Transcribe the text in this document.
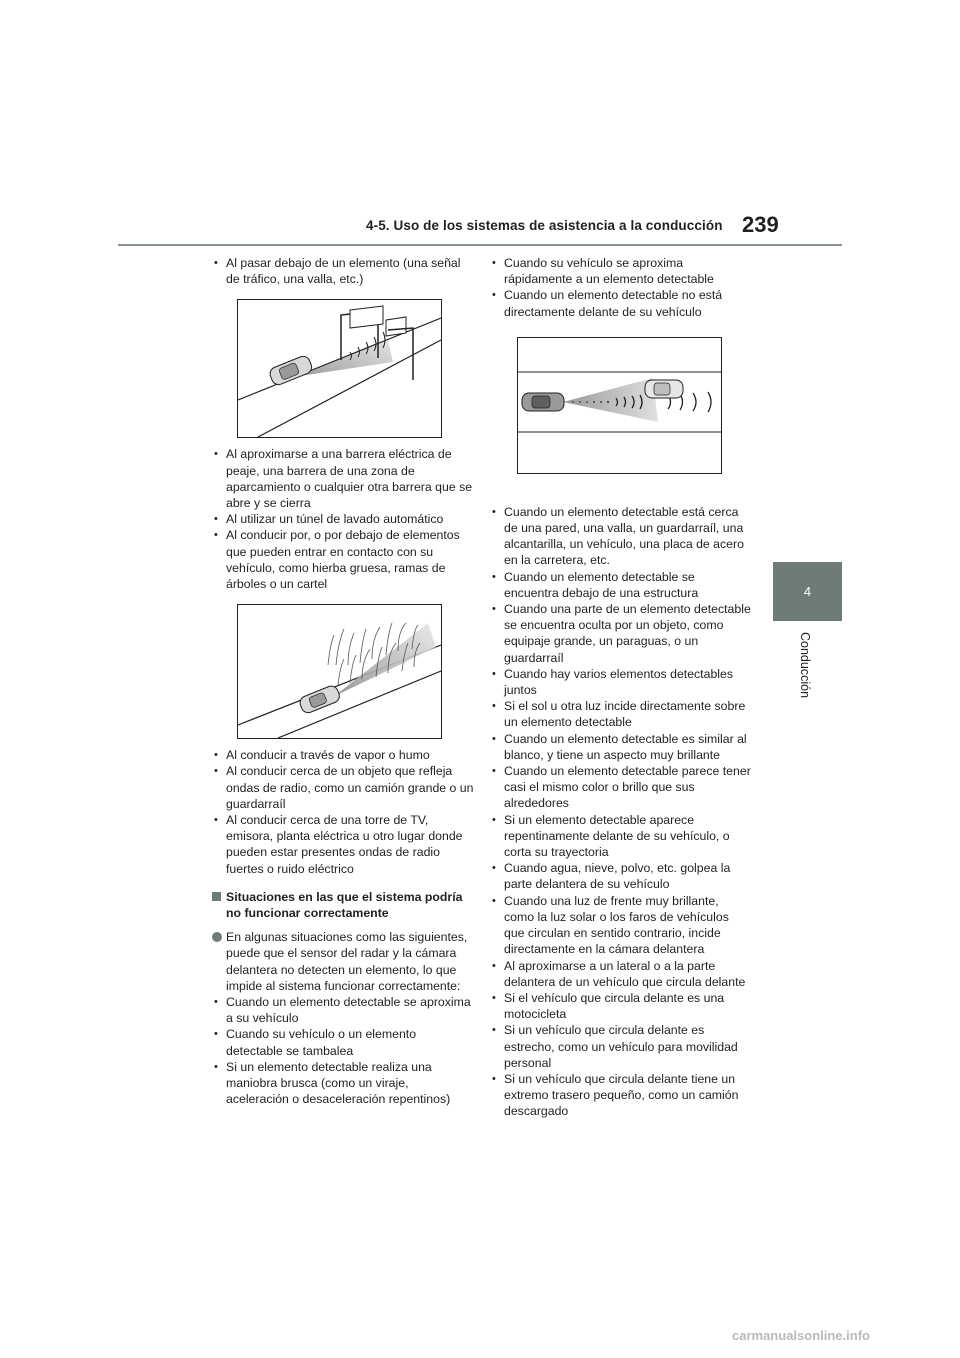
4-5. Uso de los sistemas de asistencia a la conducción 239
4
Conducción
• Al pasar debajo de un elemento (una señal de tráfico, una valla, etc.)
• Al aproximarse a una barrera eléctrica de peaje, una barrera de una zona de aparcamiento o cualquier otra barrera que se abre y se cierra
• Al utilizar un túnel de lavado automático
• Al conducir por, o por debajo de elementos que pueden entrar en contacto con su vehículo, como hierba gruesa, ramas de árboles o un cartel
• Al conducir a través de vapor o humo
• Al conducir cerca de un objeto que refleja ondas de radio, como un camión grande o un guardarraíl
• Al conducir cerca de una torre de TV, emisora, planta eléctrica u otro lugar donde pueden estar presentes ondas de radio fuertes o ruido eléctrico
Situaciones en las que el sistema podría no funcionar correctamente
En algunas situaciones como las siguientes, puede que el sensor del radar y la cámara delantera no detecten un elemento, lo que impide al sistema funcionar correctamente:
• Cuando un elemento detectable se aproxima a su vehículo
• Cuando su vehículo o un elemento detectable se tambalea
• Si un elemento detectable realiza una maniobra brusca (como un viraje, aceleración o desaceleración repentinos)
• Cuando su vehículo se aproxima rápidamente a un elemento detectable
• Cuando un elemento detectable no está directamente delante de su vehículo
• Cuando un elemento detectable está cerca de una pared, una valla, un guardarraíl, una alcantarilla, un vehículo, una placa de acero en la carretera, etc.
• Cuando un elemento detectable se encuentra debajo de una estructura
• Cuando una parte de un elemento detectable se encuentra oculta por un objeto, como equipaje grande, un paraguas, o un guardarraíl
• Cuando hay varios elementos detectables juntos
• Si el sol u otra luz incide directamente sobre un elemento detectable
• Cuando un elemento detectable es similar al blanco, y tiene un aspecto muy brillante
• Cuando un elemento detectable parece tener casi el mismo color o brillo que sus alrededores
• Si un elemento detectable aparece repentinamente delante de su vehículo, o corta su trayectoria
• Cuando agua, nieve, polvo, etc. golpea la parte delantera de su vehículo
• Cuando una luz de frente muy brillante, como la luz solar o los faros de vehículos que circulan en sentido contrario, incide directamente en la cámara delantera
• Al aproximarse a un lateral o a la parte delantera de un vehículo que circula delante
• Si el vehículo que circula delante es una motocicleta
• Si un vehículo que circula delante es estrecho, como un vehículo para movilidad personal
• Si un vehículo que circula delante tiene un extremo trasero pequeño, como un camión descargado
carmanualsonline.info
